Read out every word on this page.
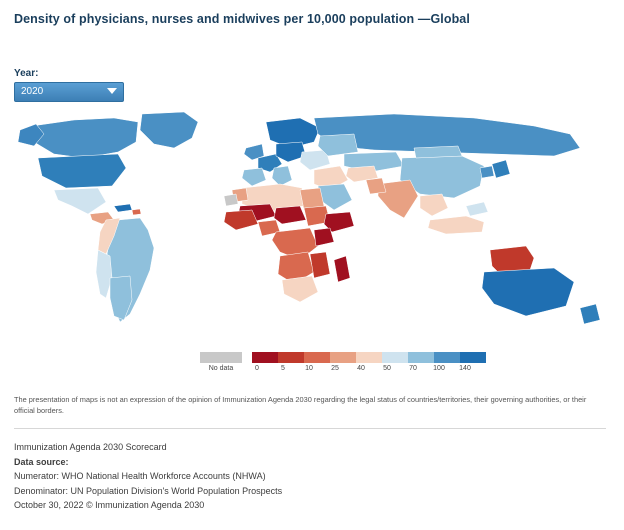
Density of physicians, nurses and midwives per 10,000 population —Global
Year:
2020
No data	0	5	10	25	40	50	70	100	140
The presentation of maps is not an expression of the opinion of Immunization Agenda 2030 regarding the legal status of countries/territories, their governing authorities, or their official borders.
Immunization Agenda 2030 Scorecard
Data source:
Numerator: WHO National Health Workforce Accounts (NHWA)
Denominator: UN Population Division's World Population Prospects
October 30, 2022 © Immunization Agenda 2030
